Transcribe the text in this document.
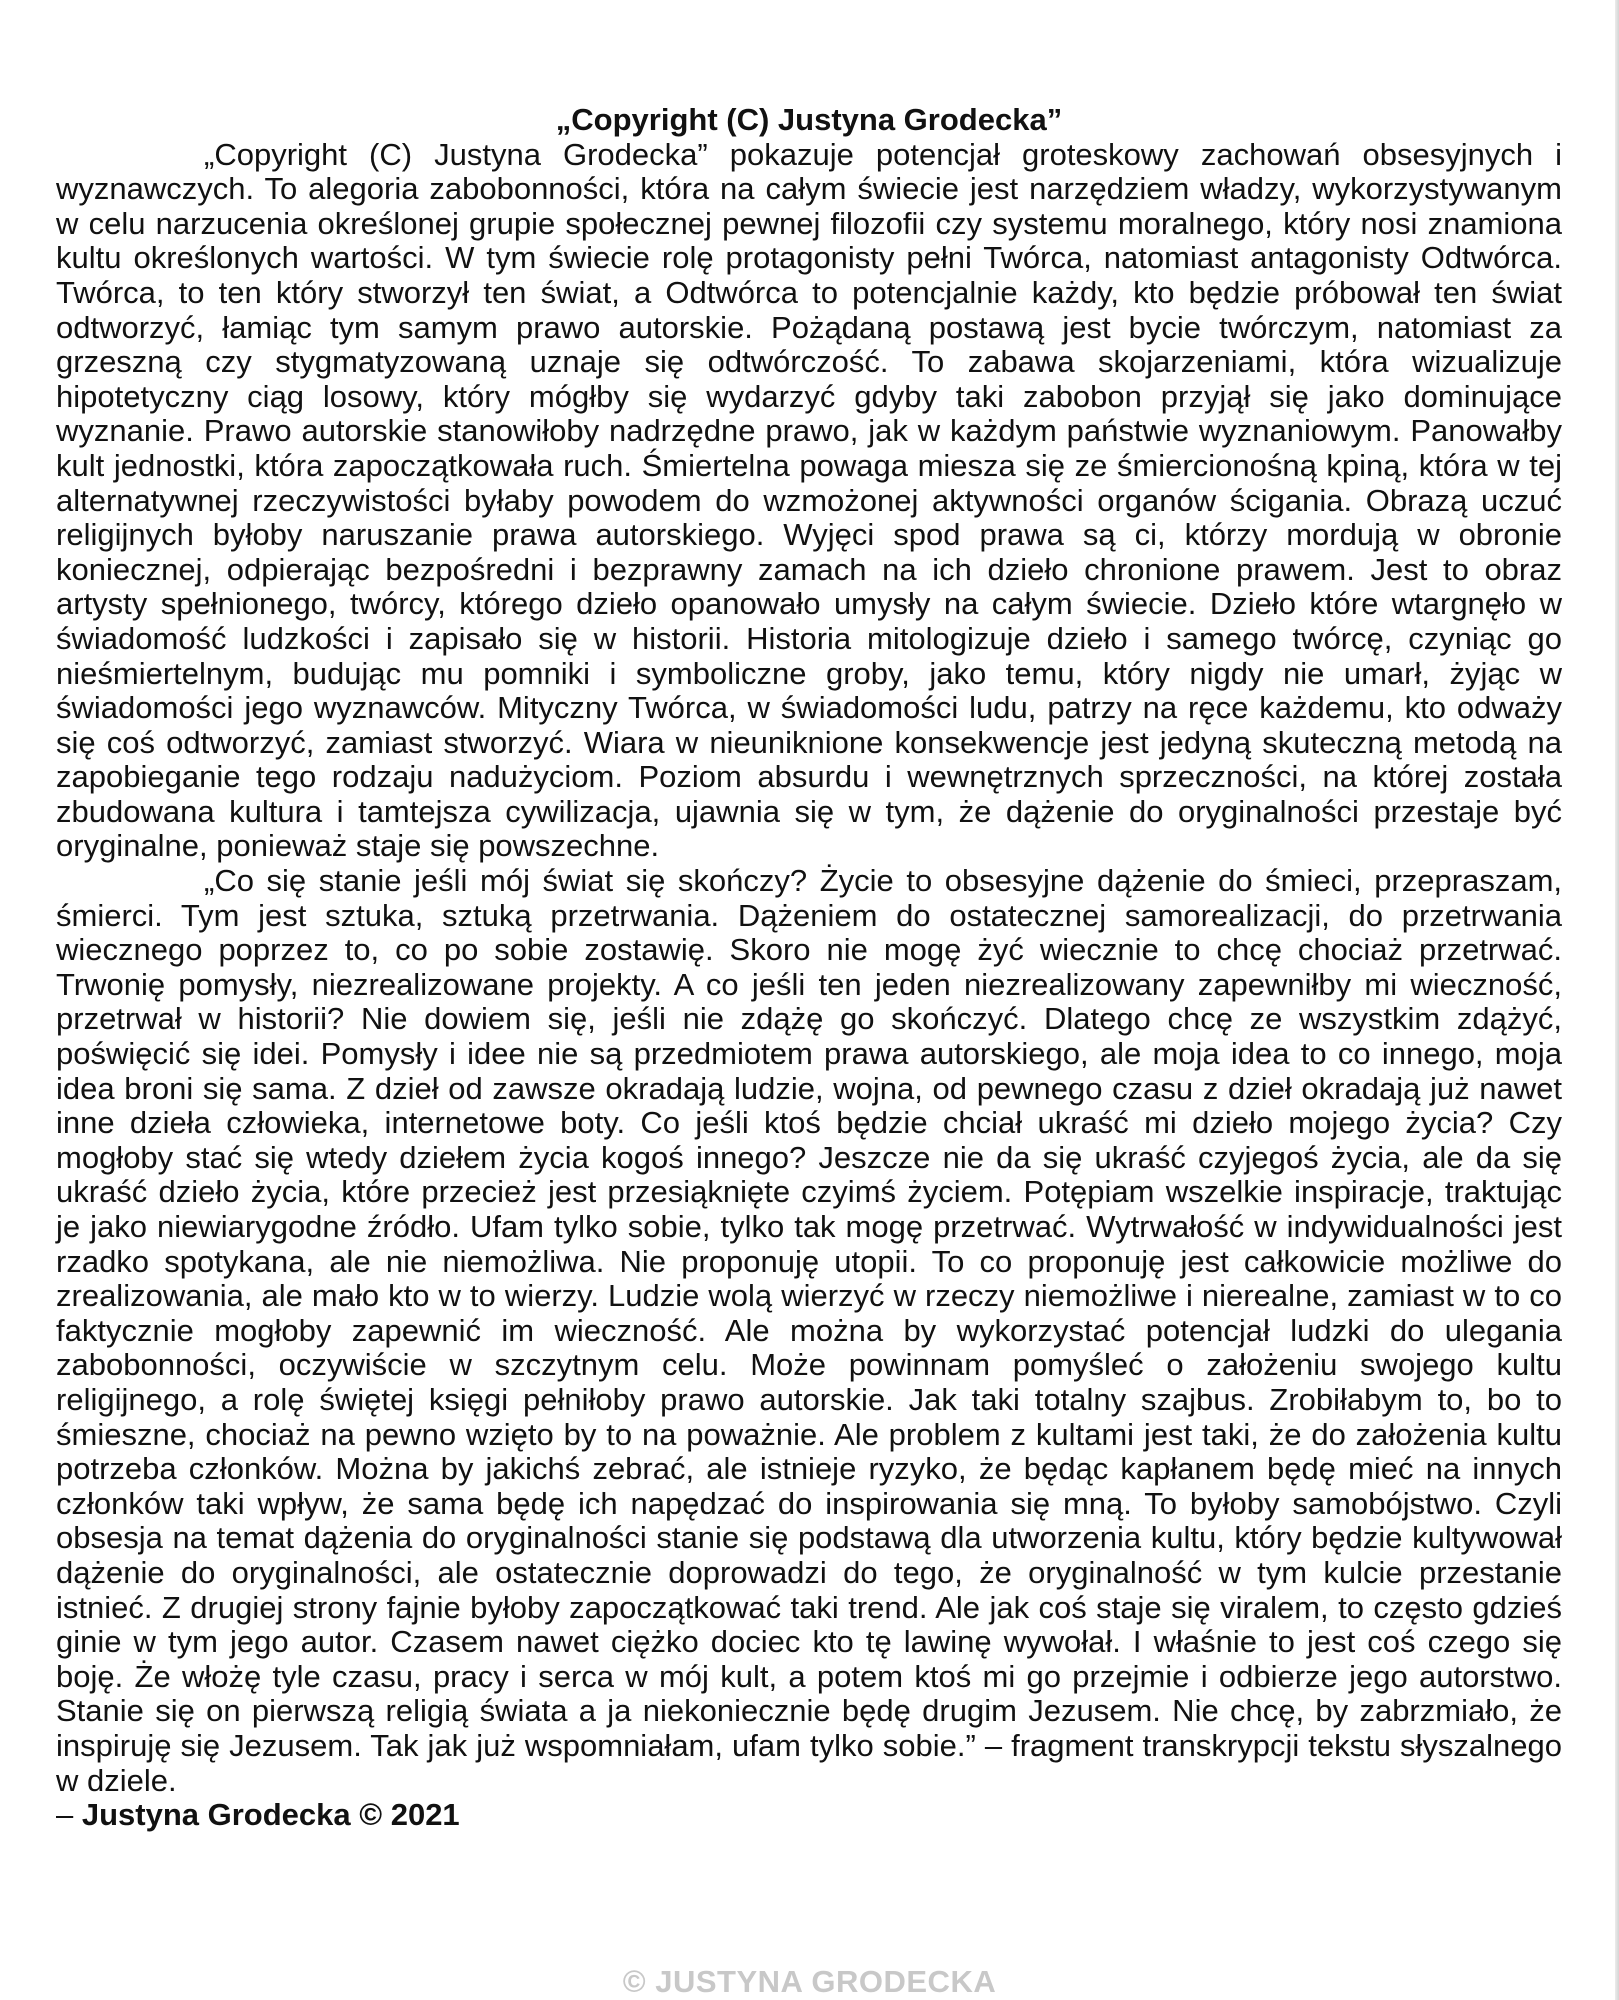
„Copyright (C) Justyna Grodecka”

„Copyright (C) Justyna Grodecka” pokazuje potencjał groteskowy zachowań obsesyjnych i wyznawczych. To alegoria zabobonności, która na całym świecie jest narzędziem władzy, wykorzystywanym w celu narzucenia określonej grupie społecznej pewnej filozofii czy systemu moralnego, który nosi znamiona kultu określonych wartości. W tym świecie rolę protagonisty pełni Twórca, natomiast antagonisty Odtwórca. Twórca, to ten który stworzył ten świat, a Odtwórca to potencjalnie każdy, kto będzie próbował ten świat odtworzyć, łamiąc tym samym prawo autorskie. Pożądaną postawą jest bycie twórczym, natomiast za grzeszną czy stygmatyzowaną uznaje się odtwórczość. To zabawa skojarzeniami, która wizualizuje hipotetyczny ciąg losowy, który mógłby się wydarzyć gdyby taki zabobon przyjął się jako dominujące wyznanie. Prawo autorskie stanowiłoby nadrzędne prawo, jak w każdym państwie wyznaniowym. Panowałby kult jednostki, która zapoczątkowała ruch. Śmiertelna powaga miesza się ze śmiercionośną kpiną, która w tej alternatywnej rzeczywistości byłaby powodem do wzmożonej aktywności organów ścigania. Obrazą uczuć religijnych byłoby naruszanie prawa autorskiego. Wyjęci spod prawa są ci, którzy mordują w obronie koniecznej, odpierając bezpośredni i bezprawny zamach na ich dzieło chronione prawem. Jest to obraz artysty spełnionego, twórcy, którego dzieło opanowało umysły na całym świecie. Dzieło które wtargnęło w świadomość ludzkości i zapisało się w historii. Historia mitologizuje dzieło i samego twórcę, czyniąc go nieśmiertelnym, budując mu pomniki i symboliczne groby, jako temu, który nigdy nie umarł, żyjąc w świadomości jego wyznawców. Mityczny Twórca, w świadomości ludu, patrzy na ręce każdemu, kto odważy się coś odtworzyć, zamiast stworzyć. Wiara w nieuniknione konsekwencje jest jedyną skuteczną metodą na zapobieganie tego rodzaju nadużyciom. Poziom absurdu i wewnętrznych sprzeczności, na której została zbudowana kultura i tamtejsza cywilizacja, ujawnia się w tym, że dążenie do oryginalności przestaje być oryginalne, ponieważ staje się powszechne.

„Co się stanie jeśli mój świat się skończy? Życie to obsesyjne dążenie do śmieci, przepraszam, śmierci. Tym jest sztuka, sztuką przetrwania. Dążeniem do ostatecznej samorealizacji, do przetrwania wiecznego poprzez to, co po sobie zostawię. Skoro nie mogę żyć wiecznie to chcę chociaż przetrwać. Trwonię pomysły, niezrealizowane projekty. A co jeśli ten jeden niezrealizowany zapewniłby mi wieczność, przetrwał w historii? Nie dowiem się, jeśli nie zdążę go skończyć. Dlatego chcę ze wszystkim zdążyć, poświęcić się idei. Pomysły i idee nie są przedmiotem prawa autorskiego, ale moja idea to co innego, moja idea broni się sama. Z dzieł od zawsze okradają ludzie, wojna, od pewnego czasu z dzieł okradają już nawet inne dzieła człowieka, internetowe boty. Co jeśli ktoś będzie chciał ukraść mi dzieło mojego życia? Czy mogłoby stać się wtedy dziełem życia kogoś innego? Jeszcze nie da się ukraść czyjegoś życia, ale da się ukraść dzieło życia, które przecież jest przesiąknięte czyimś życiem. Potępiam wszelkie inspiracje, traktując je jako niewiarygodne źródło. Ufam tylko sobie, tylko tak mogę przetrwać. Wytrwałość w indywidualności jest rzadko spotykana, ale nie niemożliwa. Nie proponuję utopii. To co proponuję jest całkowicie możliwe do zrealizowania, ale mało kto w to wierzy. Ludzie wolą wierzyć w rzeczy niemożliwe i nierealne, zamiast w to co faktycznie mogłoby zapewnić im wieczność. Ale można by wykorzystać potencjał ludzki do ulegania zabobonności, oczywiście w szczytnym celu. Może powinnam pomyśleć o założeniu swojego kultu religijnego, a rolę świętej księgi pełniłoby prawo autorskie. Jak taki totalny szajbus. Zrobiłabym to, bo to śmieszne, chociaż na pewno wzięto by to na poważnie. Ale problem z kultami jest taki, że do założenia kultu potrzeba członków. Można by jakichś zebrać, ale istnieje ryzyko, że będąc kapłanem będę mieć na innych członków taki wpływ, że sama będę ich napędzać do inspirowania się mną. To byłoby samobójstwo. Czyli obsesja na temat dążenia do oryginalności stanie się podstawą dla utworzenia kultu, który będzie kultywował dążenie do oryginalności, ale ostatecznie doprowadzi do tego, że oryginalność w tym kulcie przestanie istnieć. Z drugiej strony fajnie byłoby zapoczątkować taki trend. Ale jak coś staje się viralem, to często gdzieś ginie w tym jego autor. Czasem nawet ciężko dociec kto tę lawinę wywołał. I właśnie to jest coś czego się boję. Że włożę tyle czasu, pracy i serca w mój kult, a potem ktoś mi go przejmie i odbierze jego autorstwo. Stanie się on pierwszą religią świata a ja niekoniecznie będę drugim Jezusem. Nie chcę, by zabrzmiało, że inspiruję się Jezusem. Tak jak już wspomniałam, ufam tylko sobie.” – fragment transkrypcji tekstu słyszalnego w dziele.

– Justyna Grodecka © 2021

© JUSTYNA GRODECKA
